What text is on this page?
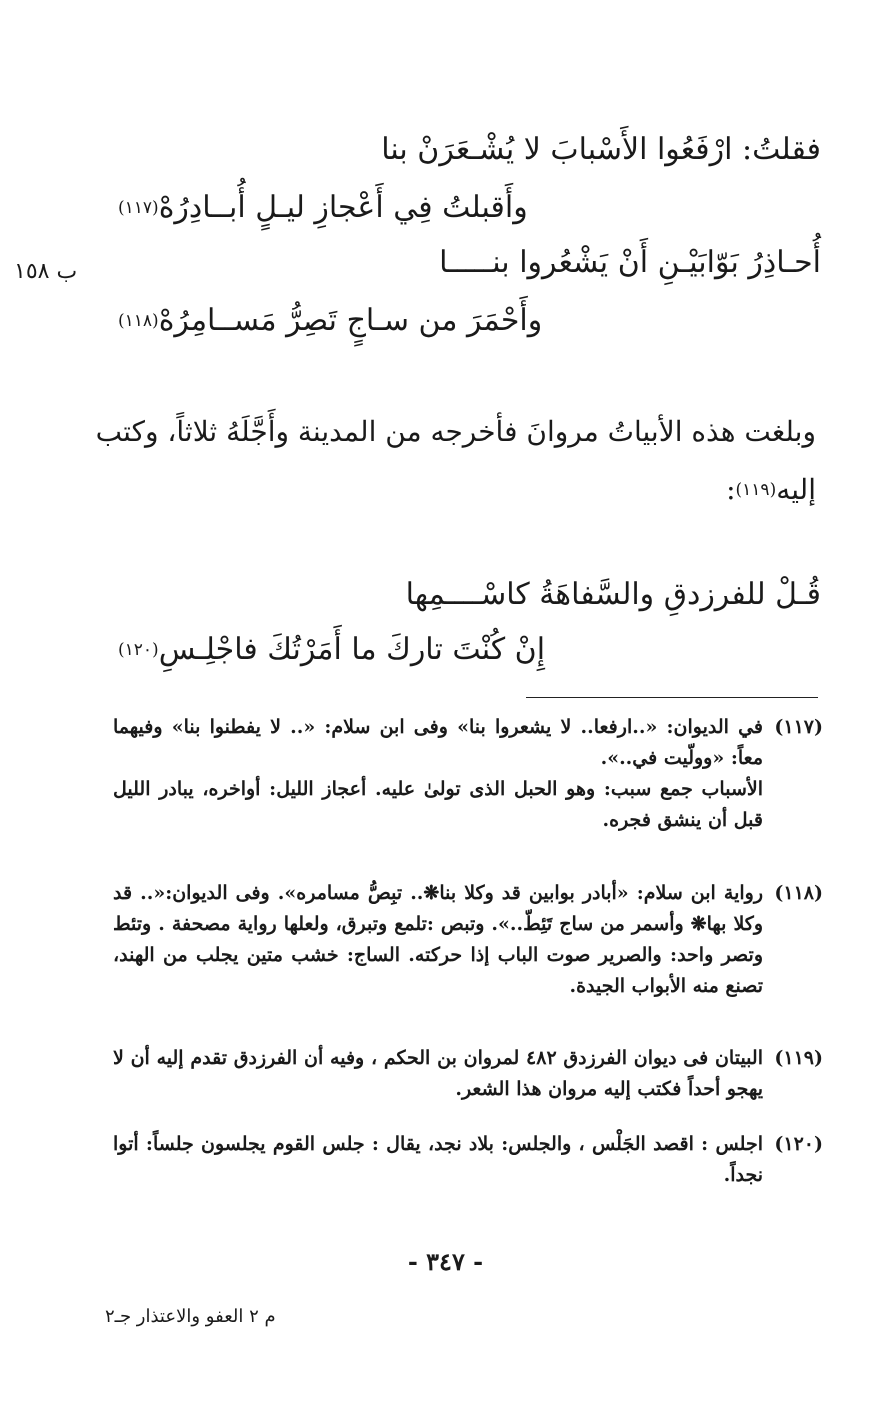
ب ١٥٨
فقلتُ: ارْفَعُوا الأَسْبابَ لا يُشْـعَرَنْ بنا
وأَقبلتُ فِي أَعْجازِ ليـلٍ أُبــادِرُهْ(١١٧)
أُحـاذِرُ بَوّابَيْـنِ أَنْ يَشْعُروا بنـــــا
وأَحْمَرَ من سـاجٍ تَصِرُّ مَســامِرُهْ(١١٨)
وبلغت هذه الأبياتُ مروانَ فأخرجه من المدينة وأَجَّلَهُ ثلاثاً، وكتب
إليه(١١٩):
قُـلْ للفرزدقِ والسَّفاهَةُ كاسْــــمِها
إِنْ كُنْتَ تاركَ ما أَمَرْتُكَ فاجْلِـسِ(١٢٠)
(١١٧)

في الديوان: «..ارفعا.. لا يشعروا بنا» وفى ابن سلام: «.. لا يفطنوا بنا» وفيهما معاً: «وولّيت في..».

الأسباب جمع سبب: وهو الحبل الذى تولىٰ عليه. أعجاز الليل: أواخره، يبادر الليل قبل أن ينشق فجره.

(١١٨)

رواية ابن سلام: «أبادر بوابين قد وكلا بنا❋.. تبِصُّ مسامره». وفى الديوان:«.. قد وكلا بها❋ وأسمر من ساج تَئِطّ..». وتبص :تلمع وتبرق، ولعلها رواية مصحفة . وتئط وتصر واحد: والصرير صوت الباب إذا حركته. الساج: خشب متين يجلب من الهند، تصنع منه الأبواب الجيدة.

(١١٩)

البيتان فى ديوان الفرزدق ٤٨٢ لمروان بن الحكم ، وفيه أن الفرزدق تقدم إليه أن لا يهجو أحداً فكتب إليه مروان هذا الشعر.

(١٢٠)

اجلس : اقصد الجَلْس ، والجلس: بلاد نجد، يقال : جلس القوم يجلسون جلساً: أتوا نجداً.

- ٣٤٧ -
م ٢ العفو والاعتذار جـ٢
